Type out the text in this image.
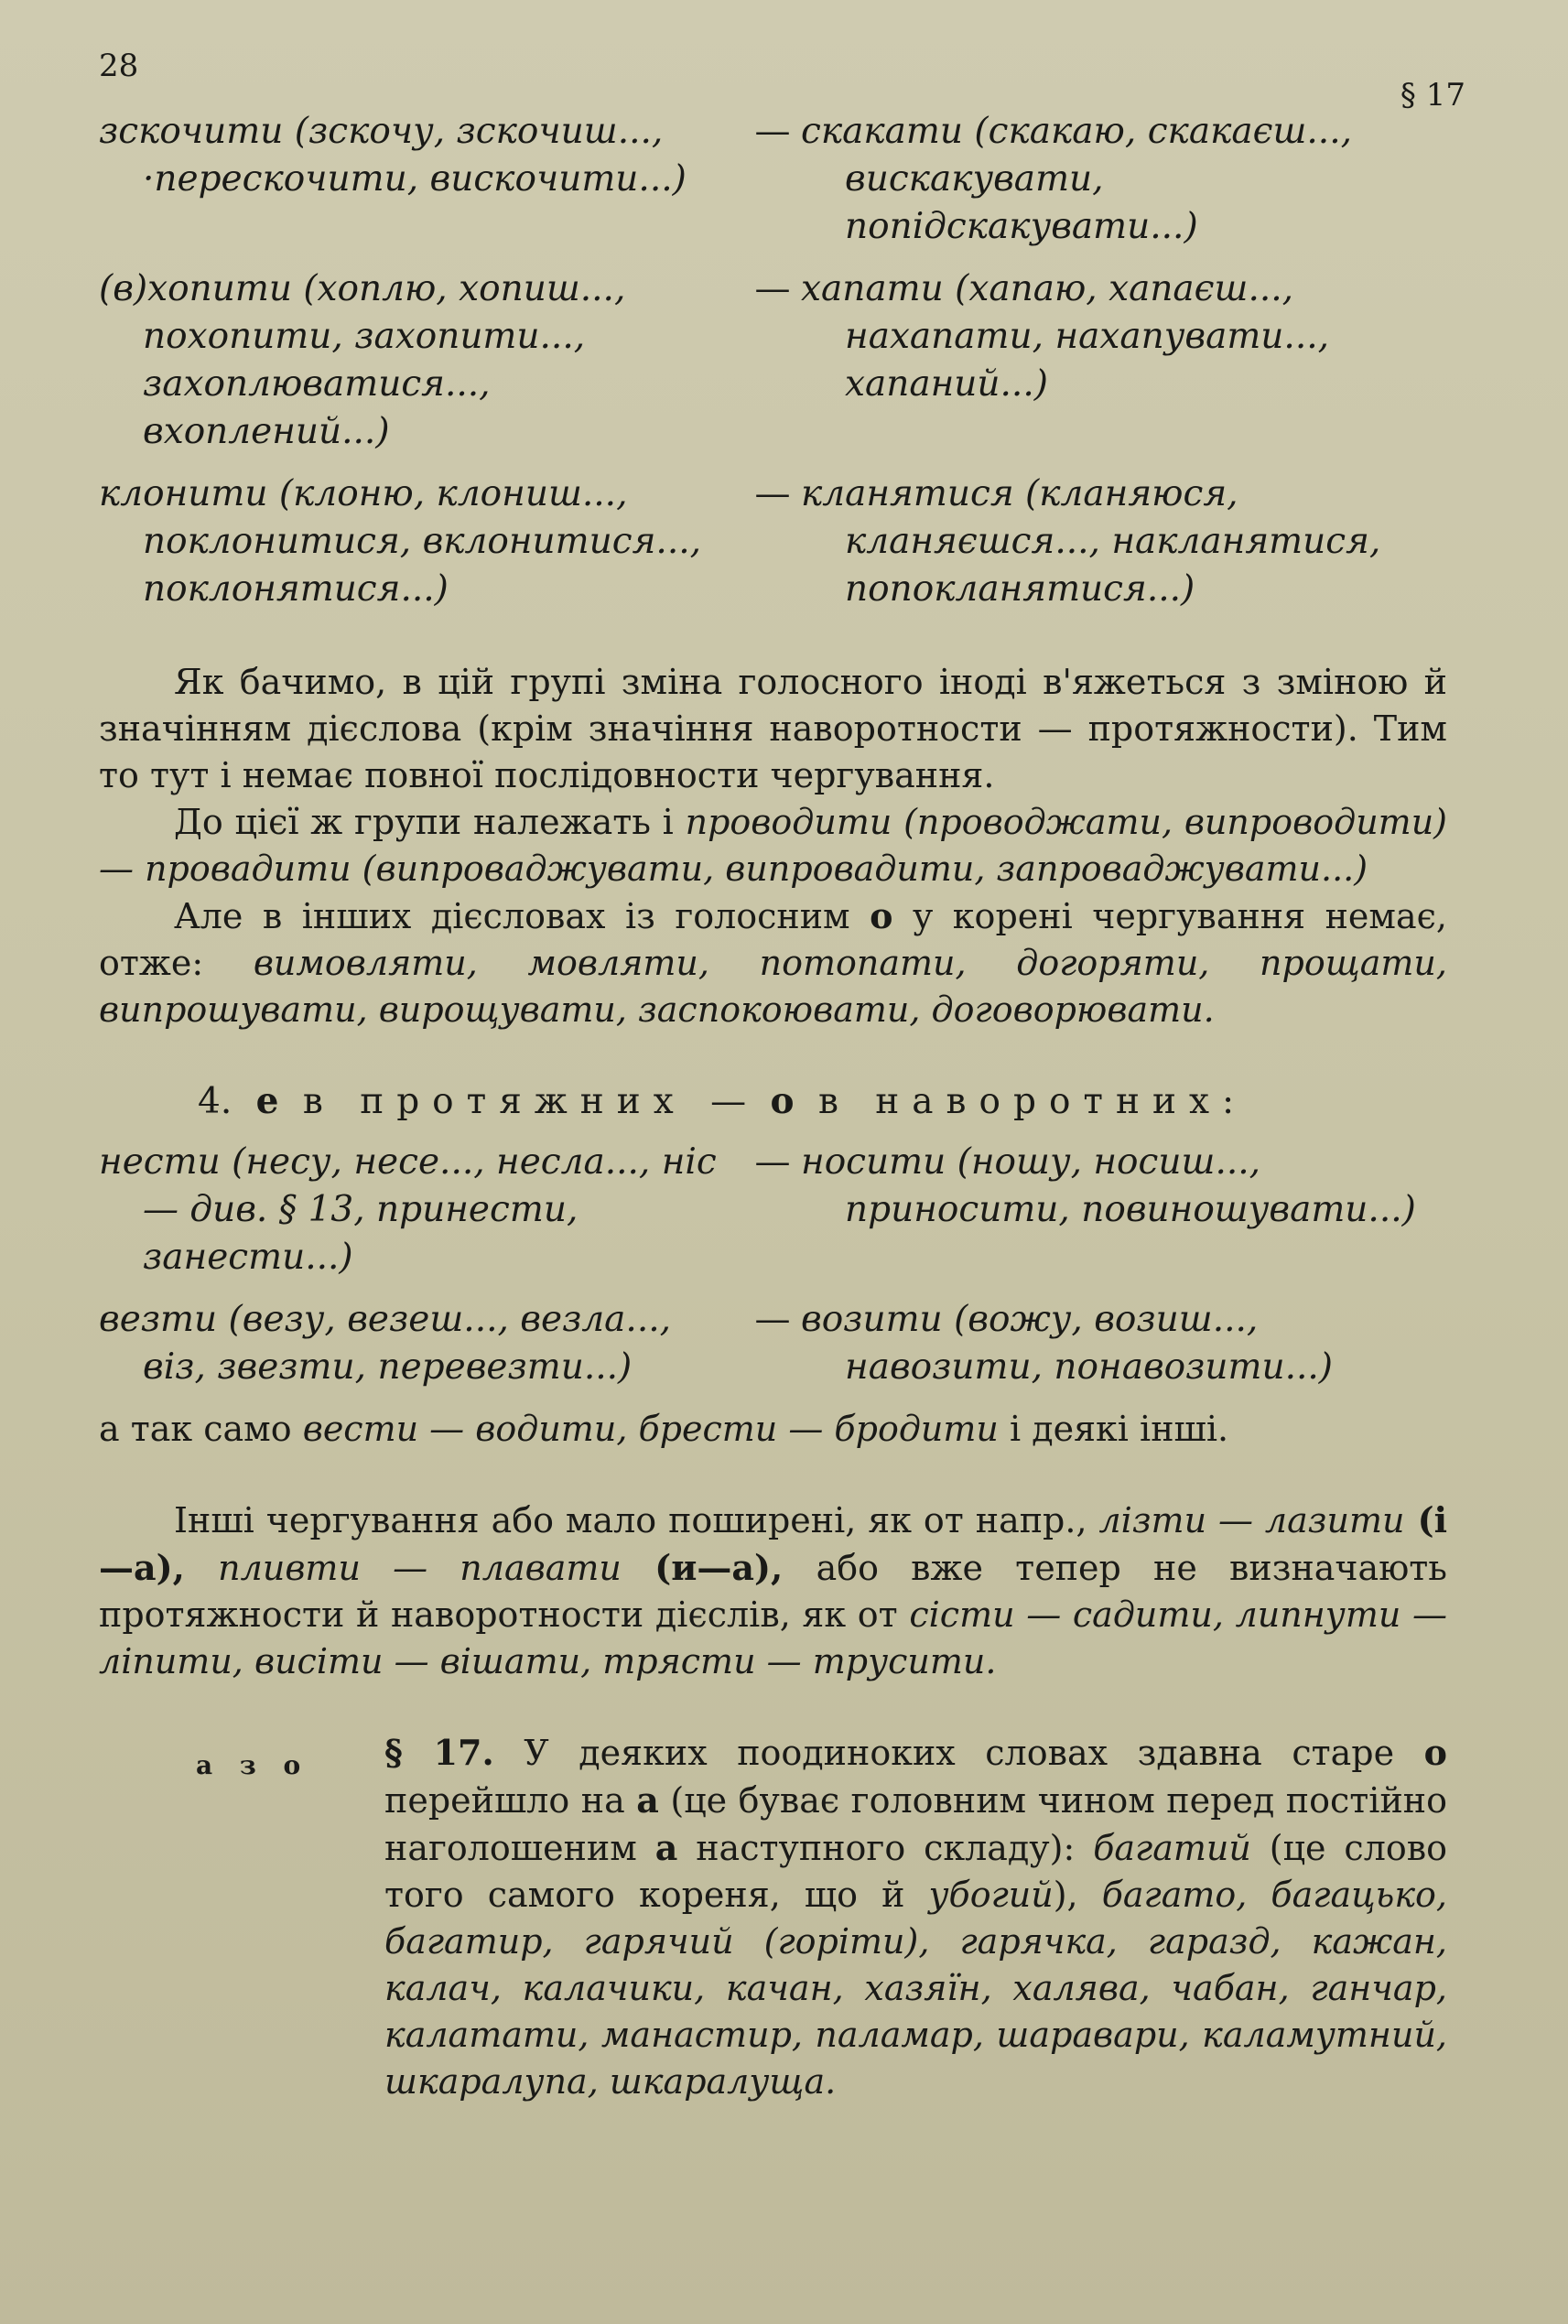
28
§ 17
зскочити (зскочу, зскочиш..., ·перескочити, вискочити...)
— скакати (скакаю, скакаєш..., вискакувати, попідскакувати...)
(в)хопити (хоплю, хопиш..., похопити, захопити..., захоплюватися..., вхоплений...)
— хапати (хапаю, хапаєш..., нахапати, нахапувати..., хапаний...)
клонити (клоню, клониш..., поклонитися, вклонитися..., поклонятися...)
— кланятися (кланяюся, кланяєшся..., накланятися, попокланятися...)

Як бачимо, в цій групі зміна голосного іноді в'яжеться з зміною й значінням дієслова (крім значіння наворотности — протяжности). Тим то тут і немає повної послідовности чергування.

До цієї ж групи належать і проводити (проводжати, випроводити) — провадити (випроваджувати, випровадити, запроваджувати...)

Але в інших дієсловах із голосним о у корені чергування немає, отже: вимовляти, мовляти, потопати, догоряти, прощати, випрошувати, вирощувати, заспокоювати, договорювати.

4. е в протяжних — о в наворотних:
нести (несу, несе..., несла..., ніс — див. § 13, принести, занести...)
— носити (ношу, носиш..., приносити, повиношувати...)
везти (везу, везеш..., везла..., віз, звезти, перевезти...)
— возити (вожу, возиш..., навозити, понавозити...)

а так само вести — водити, брести — бродити і деякі інші.

Інші чергування або мало поширені, як от напр., лізти — лазити (і—а), пливти — плавати (и—а), або вже тепер не визначають протяжности й наворотности дієслів, як от сісти — садити, липнути — ліпити, висіти — вішати, трясти — трусити.

а з о	§ 17. У деяких поодиноких словах здавна старе о перейшло на а (це буває головним чином перед постійно наголошеним а наступного складу): багатий (це слово того самого кореня, що й убогий), багато, багацько, багатир, гарячий (горіти), гарячка, гаразд, кажан, калач, калачики, качан, хазяїн, халява, чабан, ганчар, калатати, манастир, паламар, шаравари, каламутний, шкаралупа, шкаралуща.
